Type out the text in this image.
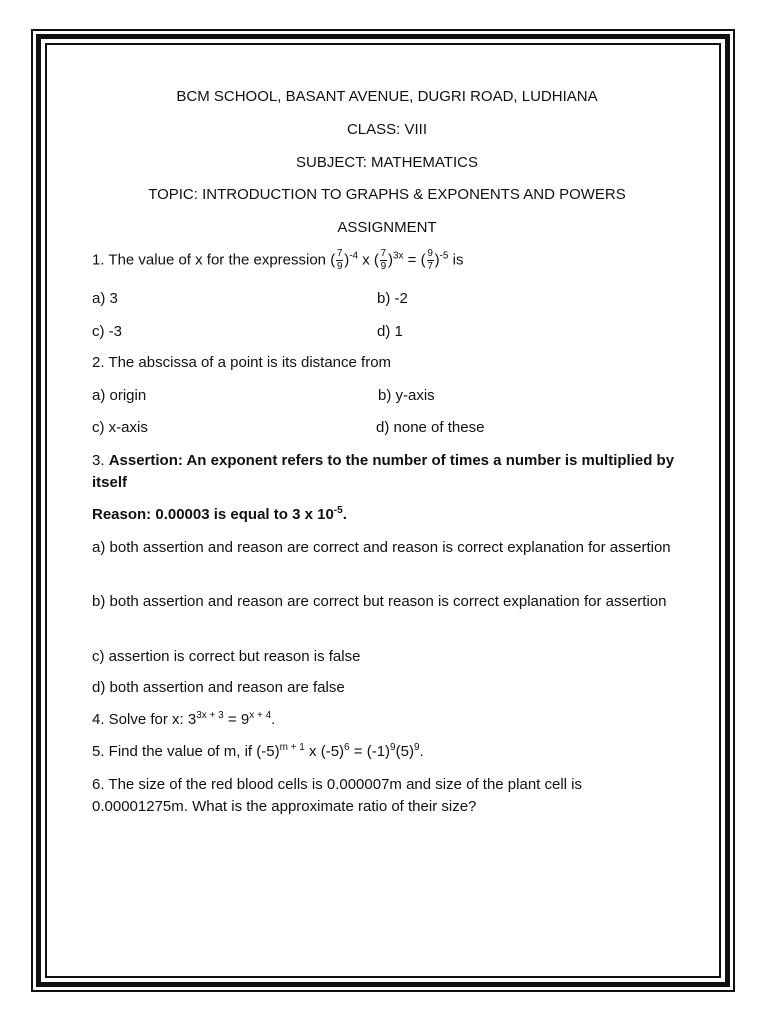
BCM SCHOOL, BASANT AVENUE, DUGRI ROAD, LUDHIANA
CLASS: VIII
SUBJECT: MATHEMATICS
TOPIC: INTRODUCTION TO GRAPHS & EXPONENTS AND POWERS
ASSIGNMENT
1. The value of x for the expression ( $\frac{7}{9} )^{-4}$ x ( $\frac{7}{9} )^{3x}$ = ( $\frac{9}{7} )^{-5}$ is
a) 3	b) -2
c) -3	d) 1
2. The abscissa of a point is its distance from
a) origin	b) y-axis
c) x-axis	d) none of these
3. Assertion: An exponent refers to the number of times a number is multiplied by itself
Reason: 0.00003 is equal to 3 x $10^{-5}$.
a) both assertion and reason are correct and reason is correct explanation for assertion
b) both assertion and reason are correct but reason is correct explanation for assertion
c) assertion is correct but reason is false
d) both assertion and reason are false
4. Solve for x: $3^{3x + 3} = 9^{x + 4}$.
5. Find the value of m, if $(-5)^{m + 1}$ x $(-5)^6 = (-1)^9(5)^9$.
6. The size of the red blood cells is 0.000007m and size of the plant cell is 0.00001275m. What is the approximate ratio of their size?
